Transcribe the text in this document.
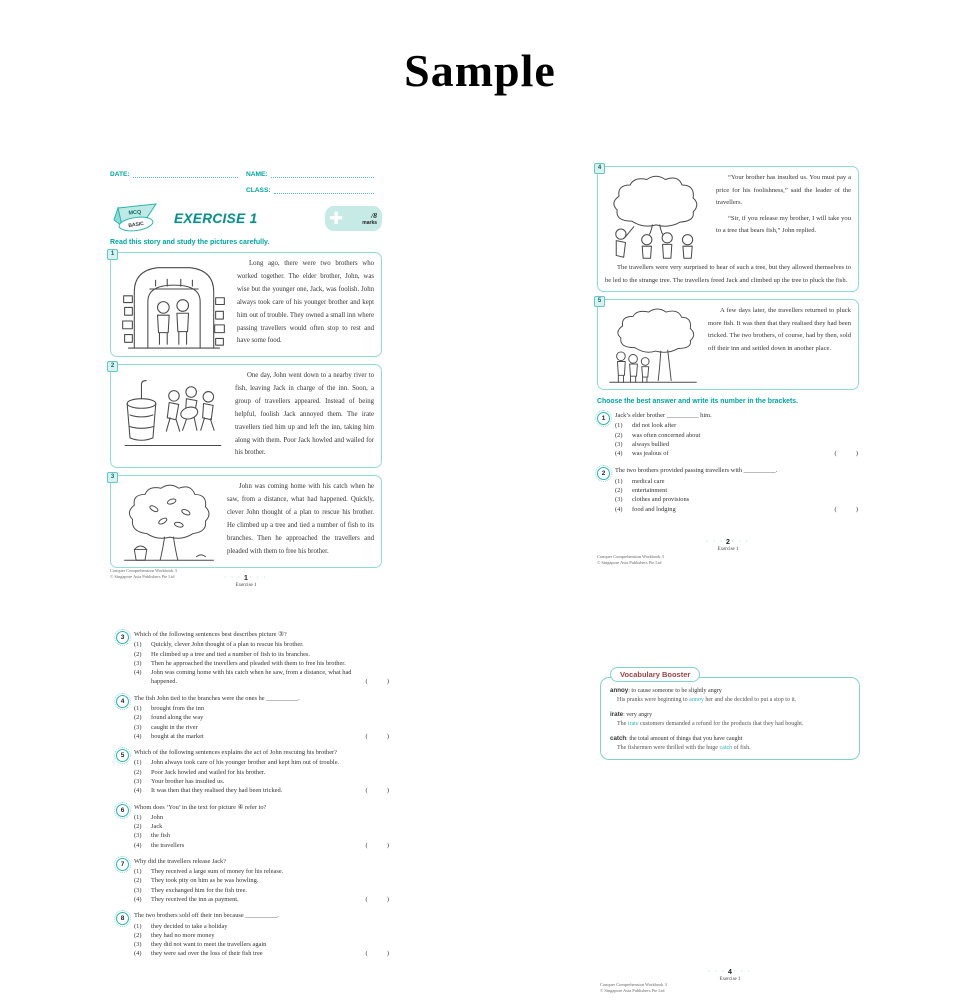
Sample
DATE:	NAME:
CLASS:
MCQ
BASIC EXERCISE 1	✚	/8
marks
Read this story and study the pictures carefully.
1

Long ago, there were two brothers who worked together. The elder brother, John, was wise but the younger one, Jack, was foolish. John always took care of his younger brother and kept him out of trouble. They owned a small inn where passing travellers would often stop to rest and have some food.

2

One day, John went down to a nearby river to fish, leaving Jack in charge of the inn. Soon, a group of travellers appeared. Instead of being helpful, foolish Jack annoyed them. The irate travellers tied him up and left the inn, taking him along with them. Poor Jack howled and wailed for his brother.

3

John was coming home with his catch when he saw, from a distance, what had happened. Quickly, clever John thought of a plan to rescue his brother. He climbed up a tree and tied a number of fish to its branches. Then he approached the travellers and pleaded with them to free his brother.

· · · 1 · · ·
Exercise 1
Conquer Comprehension Workbook 3
© Singapore Asia Publishers Pte Ltd
4

“Your brother has insulted us. You must pay a price for his foolishness,” said the leader of the travellers.

“Sir, if you release my brother, I will take you to a tree that bears fish,” John replied.

The travellers were very surprised to hear of such a tree, but they allowed themselves to be led to the strange tree. The travellers freed Jack and climbed up the tree to pluck the fish.

5

A few days later, the travellers returned to pluck more fish. It was then that they realised they had been tricked. The two brothers, of course, had by then, sold off their inn and settled down in another place.

Choose the best answer and write its number in the brackets.
1	Jack’s elder brother __________ him.
(1)	did not look after
(2)	was often concerned about
(3)	always bullied
(4)	was jealous of	(       )
2	The two brothers provided passing travellers with __________.
(1)	medical care
(2)	entertainment
(3)	clothes and provisions
(4)	food and lodging	(       )
· · · 2 · · ·
Exercise 1
Conquer Comprehension Workbook 3
© Singapore Asia Publishers Pte Ltd
3	Which of the following sentences best describes picture ③?
(1)	Quickly, clever John thought of a plan to rescue his brother.
(2)	He climbed up a tree and tied a number of fish to its branches.
(3)	Then he approached the travellers and pleaded with them to free his brother.
(4)	John was coming home with his catch when he saw, from a distance, what had happened.	(       )
4	The fish John tied to the branches were the ones he __________.
(1)	brought from the inn
(2)	found along the way
(3)	caught in the river
(4)	bought at the market	(       )
5	Which of the following sentences explains the act of John rescuing his brother?
(1)	John always took care of his younger brother and kept him out of trouble.
(2)	Poor Jack howled and wailed for his brother.
(3)	Your brother has insulted us.
(4)	It was then that they realised they had been tricked.	(       )
6	Whom does ‘You’ in the text for picture ④ refer to?
(1)	John
(2)	Jack
(3)	the fish
(4)	the travellers	(       )
7	Why did the travellers release Jack?
(1)	They received a large sum of money for his release.
(2)	They took pity on him as he was howling.
(3)	They exchanged him for the fish tree.
(4)	They received the inn as payment.	(       )
8	The two brothers sold off their inn because __________.
(1)	they decided to take a holiday
(2)	they had no more money
(3)	they did not want to meet the travellers again
(4)	they were sad over the loss of their fish tree	(       )
Vocabulary Booster
annoy: to cause someone to be slightly angry
His pranks were beginning to annoy her and she decided to put a stop to it.
irate: very angry
The irate customers demanded a refund for the products that they had bought.
catch: the total amount of things that you have caught
The fishermen were thrilled with the huge catch of fish.
· · · 4 · · ·
Exercise 1
Conquer Comprehension Workbook 3
© Singapore Asia Publishers Pte Ltd
